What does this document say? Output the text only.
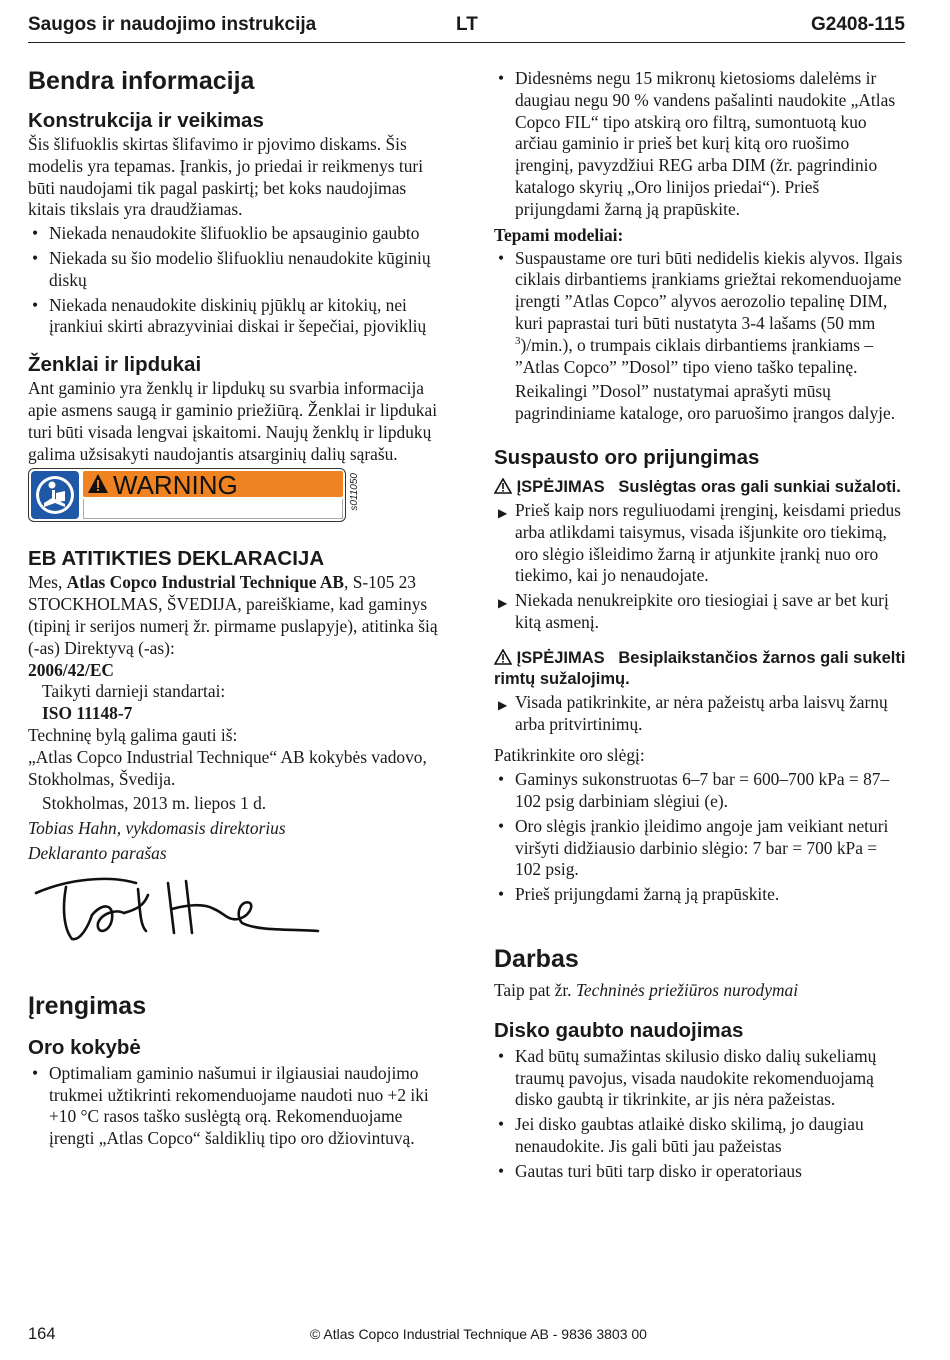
Saugos ir naudojimo instrukcija	LT	G2408-115
Bendra informacija
Konstrukcija ir veikimas

Šis šlifuoklis skirtas šlifavimo ir pjovimo diskams. Šis modelis yra tepamas. Įrankis, jo priedai ir reikmenys turi būti naudojami tik pagal paskirtį; bet koks naudojimas kitais tikslais yra draudžiamas.

• Niekada nenaudokite šlifuoklio be apsauginio gaubto
• Niekada su šio modelio šlifuokliu nenaudokite kūginių diskų
• Niekada nenaudokite diskinių pjūklų ar kitokių, nei įrankiui skirti abrazyviniai diskai ir šepečiai, pjoviklių
Ženklai ir lipdukai

Ant gaminio yra ženklų ir lipdukų su svarbia informacija apie asmens saugą ir gaminio priežiūrą. Ženklai ir lipdukai turi būti visada lengvai įskaitomi. Naujų ženklų ir lipdukų galima užsisakyti naudojantis atsarginių dalių sąrašu.

WARNING	s011050
EB ATITIKTIES DEKLARACIJA

Mes, Atlas Copco Industrial Technique AB, S-105 23 STOCKHOLMAS, ŠVEDIJA, pareiškiame, kad gaminys (tipinį ir serijos numerį žr. pirmame puslapyje), atitinka šią (-as) Direktyvą (-as):

2006/42/EC

Taikyti darnieji standartai:

ISO 11148-7

Techninę bylą galima gauti iš:

„Atlas Copco Industrial Technique“ AB kokybės vadovo, Stokholmas, Švedija.

Stokholmas, 2013 m. liepos 1 d.

Tobias Hahn, vykdomasis direktorius

Deklaranto parašas

Įrengimas
Oro kokybė
• Optimaliam gaminio našumui ir ilgiausiai naudojimo trukmei užtikrinti rekomenduojame naudoti nuo +2 iki +10 °C rasos taško suslėgtą orą. Rekomenduojame įrengti „Atlas Copco“ šaldiklių tipo oro džiovintuvą.
• Didesnėms negu 15 mikronų kietosioms dalelėms ir daugiau negu 90 % vandens pašalinti naudokite „Atlas Copco FIL“ tipo atskirą oro filtrą, sumontuotą kuo arčiau gaminio ir prieš bet kurį kitą oro ruošimo įrenginį, pavyzdžiui REG arba DIM (žr. pagrindinio katalogo skyrių „Oro linijos priedai“). Prieš prijungdami žarną ją prapūskite.
Tepami modeliai:
• Suspaustame ore turi būti nedidelis kiekis alyvos. Ilgais ciklais dirbantiems įrankiams griežtai rekomenduojame įrengti ”Atlas Copco” alyvos aerozolio tepalinę DIM, kuri paprastai turi būti nustatyta 3-4 lašams (50 mm $^3$)/min.), o trumpais ciklais dirbantiems įrankiams – ”Atlas Copco” ”Dosol” tipo vieno taško tepalinę.

Reikalingi ”Dosol” nustatymai aprašyti mūsų pagrindiniame kataloge, oro paruošimo įrangos dalyje.

Suspausto oro prijungimas

ĮSPĖJIMAS Suslėgtas oras gali sunkiai sužaloti.

▶ Prieš kaip nors reguliuodami įrenginį, keisdami priedus arba atlikdami taisymus, visada išjunkite oro tiekimą, oro slėgio išleidimo žarną ir atjunkite įrankį nuo oro tiekimo, kai jo nenaudojate.
▶ Niekada nenukreipkite oro tiesiogiai į save ar bet kurį kitą asmenį.

ĮSPĖJIMAS Besiplaikstančios žarnos gali sukelti rimtų sužalojimų.

▶ Visada patikrinkite, ar nėra pažeistų arba laisvų žarnų arba pritvirtinimų.

Patikrinkite oro slėgį:

• Gaminys sukonstruotas 6–7 bar = 600–700 kPa = 87–102 psig darbiniam slėgiui (e).
• Oro slėgis įrankio įleidimo angoje jam veikiant neturi viršyti didžiausio darbinio slėgio: 7 bar = 700 kPa = 102 psig.
• Prieš prijungdami žarną ją prapūskite.
Darbas

Taip pat žr. Techninės priežiūros nurodymai

Disko gaubto naudojimas
• Kad būtų sumažintas skilusio disko dalių sukeliamų traumų pavojus, visada naudokite rekomenduojamą disko gaubtą ir tikrinkite, ar jis nėra pažeistas.
• Jei disko gaubtas atlaikė disko skilimą, jo daugiau nenaudokite. Jis gali būti jau pažeistas
• Gautas turi būti tarp disko ir operatoriaus
164	© Atlas Copco Industrial Technique AB - 9836 3803 00
